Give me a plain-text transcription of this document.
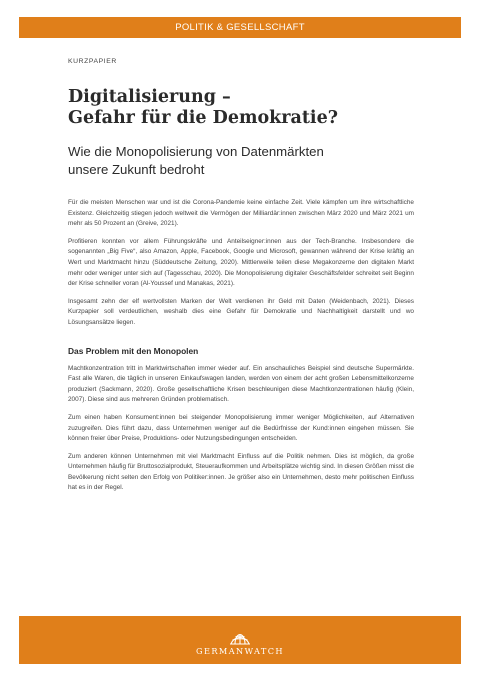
POLITIK & GESELLSCHAFT
KURZPAPIER
Digitalisierung –
Gefahr für die Demokratie?
Wie die Monopolisierung von Datenmärkten
unsere Zukunft bedroht

Für die meisten Menschen war und ist die Corona-Pandemie keine einfache Zeit. Viele kämpfen um ihre wirtschaftliche Existenz. Gleichzeitig stiegen jedoch weltweit die Vermögen der Milliardär:innen zwischen März 2020 und März 2021 um mehr als 50 Prozent an (Greive, 2021).

Profitieren konnten vor allem Führungskräfte und Anteilseigner:innen aus der Tech-Branche. Insbesondere die sogenannten „Big Five“, also Amazon, Apple, Facebook, Google und Microsoft, gewannen während der Krise kräftig an Wert und Marktmacht hinzu (Süddeutsche Zeitung, 2020). Mittlerweile teilen diese Megakonzerne den digitalen Markt mehr oder weniger unter sich auf (Tagesschau, 2020). Die Monopolisierung digitaler Geschäftsfelder schreitet seit Beginn der Krise schneller voran (Al-Youssef und Manakas, 2021).

Insgesamt zehn der elf wertvollsten Marken der Welt verdienen ihr Geld mit Daten (Weidenbach, 2021). Dieses Kurzpapier soll verdeutlichen, weshalb dies eine Gefahr für Demokratie und Nachhaltigkeit darstellt und wo Lösungsansätze liegen.

Das Problem mit den Monopolen

Machtkonzentration tritt in Marktwirtschaften immer wieder auf. Ein anschauliches Beispiel sind deutsche Supermärkte. Fast alle Waren, die täglich in unseren Einkaufswagen landen, werden von einem der acht großen Lebensmittelkonzerne produziert (Sackmann, 2020). Große gesellschaftliche Krisen beschleunigen diese Machtkonzentrationen häufig (Klein, 2007). Diese sind aus mehreren Gründen problematisch.

Zum einen haben Konsument:innen bei steigender Monopolisierung immer weniger Möglichkeiten, auf Alternativen zuzugreifen. Dies führt dazu, dass Unternehmen weniger auf die Bedürfnisse der Kund:innen eingehen müssen. Sie können freier über Preise, Produktions- oder Nutzungsbedingungen entscheiden.

Zum anderen können Unternehmen mit viel Marktmacht Einfluss auf die Politik nehmen. Dies ist möglich, da große Unternehmen häufig für Bruttosozialprodukt, Steueraufkommen und Arbeitsplätze wichtig sind. In diesen Größen misst die Bevölkerung nicht selten den Erfolg von Politiker:innen. Je größer also ein Unternehmen, desto mehr politischen Einfluss hat es in der Regel.

GERMANWATCH
